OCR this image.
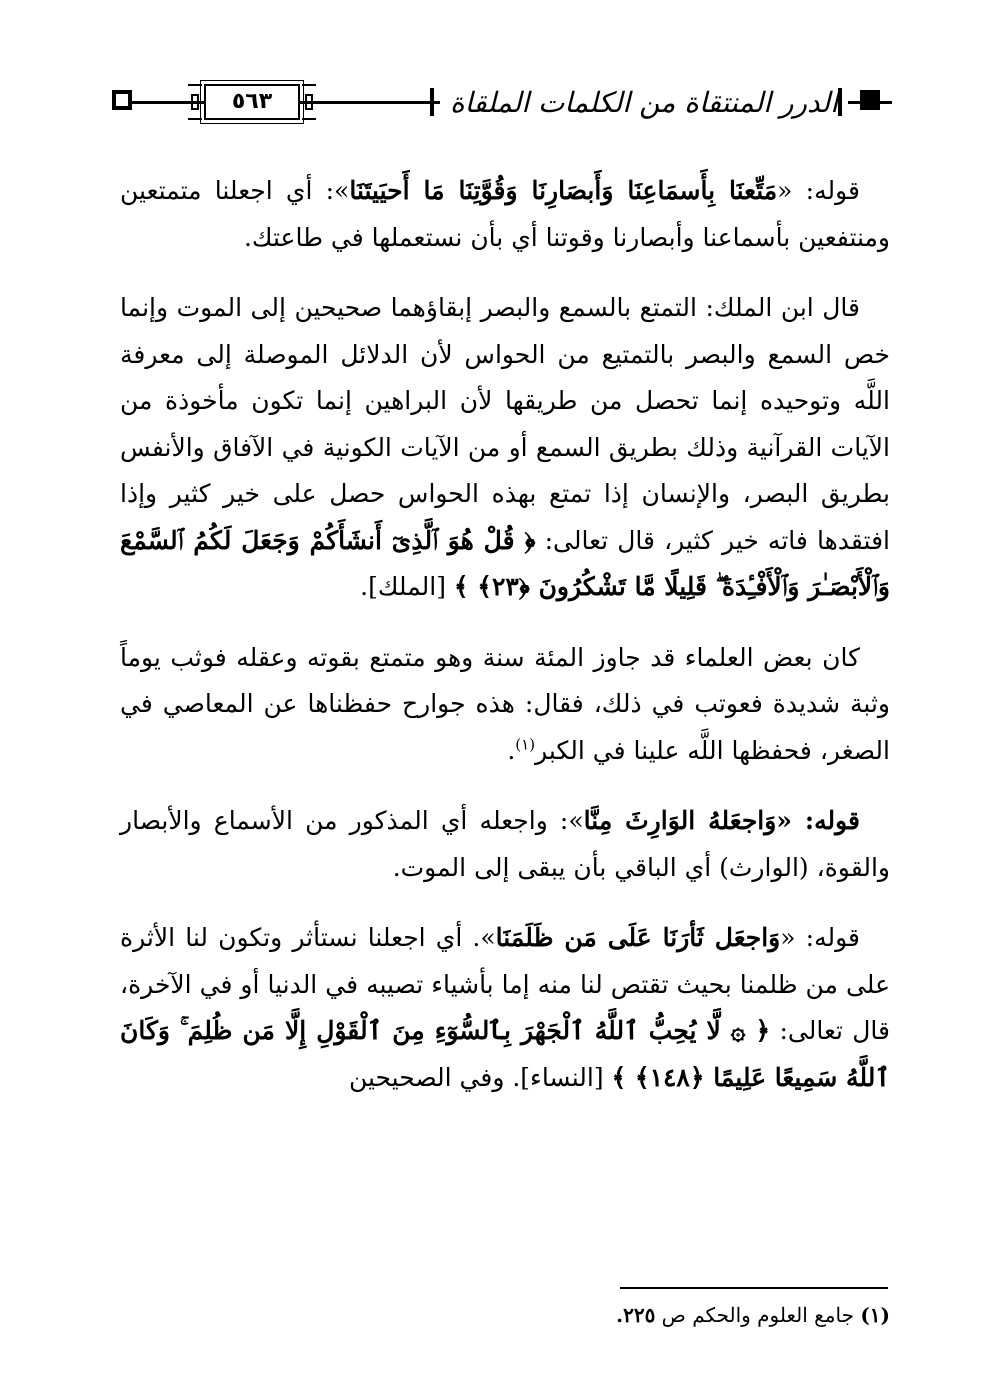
٥٦٣	الدرر المنتقاة من الكلمات الملقاة

قوله: «مَتِّعنَا بِأَسمَاعِنَا وَأَبصَارِنَا وَقُوَّتِنَا مَا أَحيَيتَنَا»: أي اجعلنا متمتعين ومنتفعين بأسماعنا وأبصارنا وقوتنا أي بأن نستعملها في طاعتك.

قال ابن الملك: التمتع بالسمع والبصر إبقاؤهما صحيحين إلى الموت وإنما خص السمع والبصر بالتمتيع من الحواس لأن الدلائل الموصلة إلى معرفة اللَّه وتوحيده إنما تحصل من طريقها لأن البراهين إنما تكون مأخوذة من الآيات القرآنية وذلك بطريق السمع أو من الآيات الكونية في الآفاق والأنفس بطريق البصر، والإنسان إذا تمتع بهذه الحواس حصل على خير كثير وإذا افتقدها فاته خير كثير، قال تعالى: ﴿ قُلْ هُوَ ٱلَّذِىٓ أَنشَأَكُمْ وَجَعَلَ لَكُمُ ٱلسَّمْعَ وَٱلْأَبْصَـٰرَ وَٱلْأَفْـِٔدَةَ ۖ قَلِيلًا مَّا تَشْكُرُونَ ﴿٢٣﴾ ﴾ [الملك].

كان بعض العلماء قد جاوز المئة سنة وهو متمتع بقوته وعقله فوثب يوماً وثبة شديدة فعوتب في ذلك، فقال: هذه جوارح حفظناها عن المعاصي في الصغر، فحفظها اللَّه علينا في الكبر$^{(١)}$.

قوله: «وَاجعَلهُ الوَارِثَ مِنَّا»: واجعله أي المذكور من الأسماع والأبصار والقوة، (الوارث) أي الباقي بأن يبقى إلى الموت.

قوله: «وَاجعَل ثَأرَنَا عَلَى مَن ظَلَمَنَا». أي اجعلنا نستأثر وتكون لنا الأثرة على من ظلمنا بحيث تقتص لنا منه إما بأشياء تصيبه في الدنيا أو في الآخرة، قال تعالى: ﴿ ۞ لَّا يُحِبُّ ٱللَّهُ ٱلْجَهْرَ بِٱلسُّوٓءِ مِنَ ٱلْقَوْلِ إِلَّا مَن ظُلِمَ ۚ وَكَانَ ٱللَّهُ سَمِيعًا عَلِيمًا ﴿١٤٨﴾ ﴾ [النساء]. وفي الصحيحين

(١) جامع العلوم والحكم ص ٢٢٥.
